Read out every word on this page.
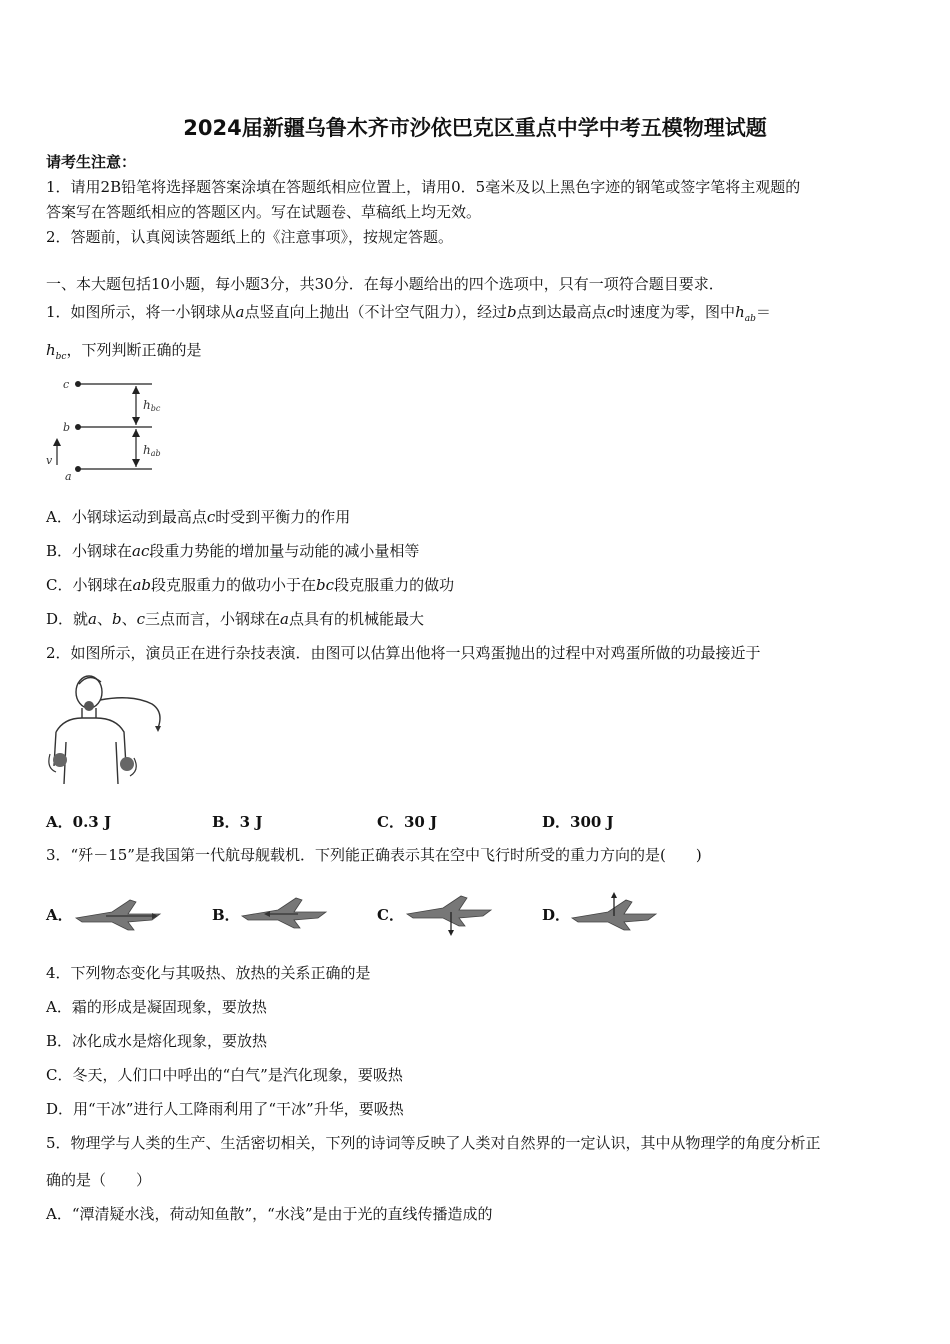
2024届新疆乌鲁木齐市沙依巴克区重点中学中考五模物理试题
请考生注意：
1．请用2B铅笔将选择题答案涂填在答题纸相应位置上，请用0．5毫米及以上黑色字迹的钢笔或签字笔将主观题的
答案写在答题纸相应的答题区内。写在试题卷、草稿纸上均无效。
2．答题前，认真阅读答题纸上的《注意事项》，按规定答题。
一、本大题包括10小题，每小题3分，共30分．在每小题给出的四个选项中，只有一项符合题目要求．
1．如图所示，将一小钢球从a点竖直向上抛出（不计空气阻力），经过b点到达最高点c时速度为零，图中$h_{ab}=$
$h_{bc}$，下列判断正确的是
c
b
a
v
hbc
hab
A．小钢球运动到最高点c时受到平衡力的作用
B．小钢球在ac段重力势能的增加量与动能的减小量相等
C．小钢球在ab段克服重力的做功小于在bc段克服重力的做功
D．就a、b、c三点而言，小钢球在a点具有的机械能最大
2．如图所示，演员正在进行杂技表演．由图可以估算出他将一只鸡蛋抛出的过程中对鸡蛋所做的功最接近于
A．0.3 J	B．3 J	C．30 J	D．300 J
3．“歼－15”是我国第一代航母舰载机．下列能正确表示其在空中飞行时所受的重力方向的是(　　)
A．	B．	C．	D．
4．下列物态变化与其吸热、放热的关系正确的是
A．霜的形成是凝固现象，要放热
B．冰化成水是熔化现象，要放热
C．冬天，人们口中呼出的“白气”是汽化现象，要吸热
D．用“干冰”进行人工降雨利用了“干冰”升华，要吸热
5．物理学与人类的生产、生活密切相关，下列的诗词等反映了人类对自然界的一定认识，其中从物理学的角度分析正
确的是（　　）
A．“潭清疑水浅，荷动知鱼散”，“水浅”是由于光的直线传播造成的
